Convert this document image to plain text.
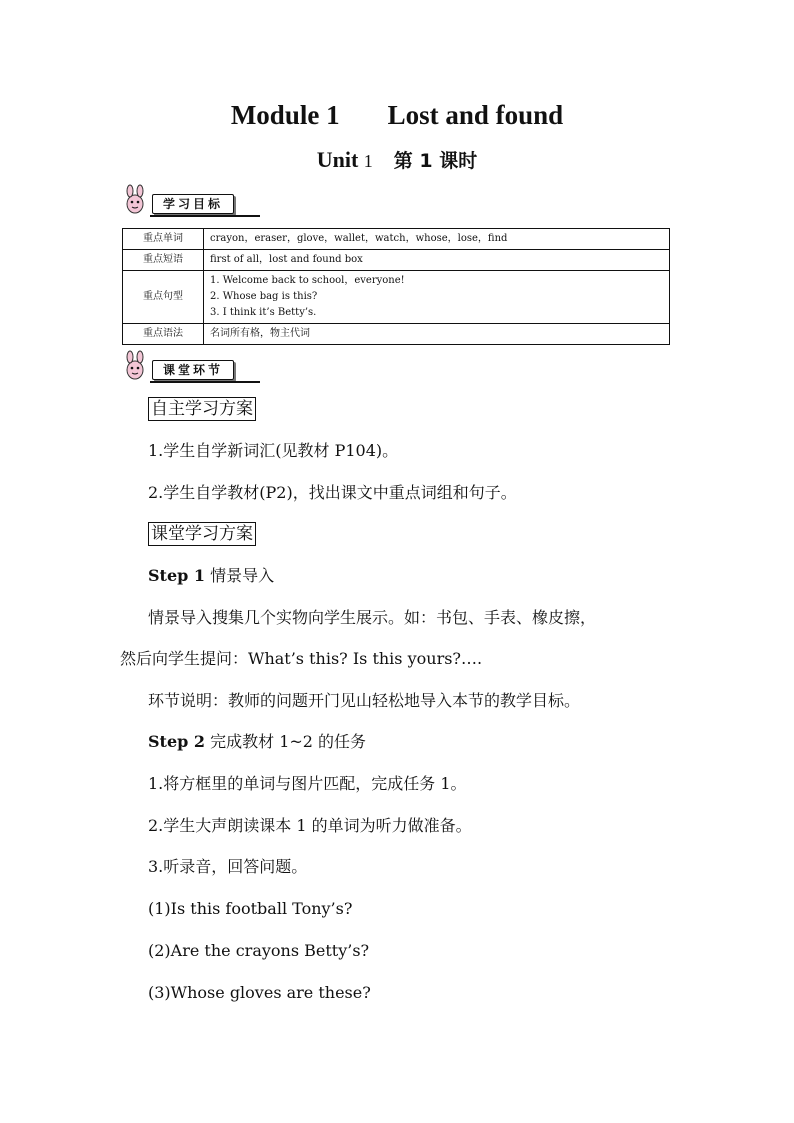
Module 1 Lost and found
Unit 1 第 1 课时
学习目标
重点单词	crayon，eraser，glove，wallet，watch，whose，lose，find
重点短语	first of all，lost and found box
重点句型	1. Welcome back to school，everyone!
2. Whose bag is this?
3. I think it’s Betty’s.

重点语法	名词所有格，物主代词
课堂环节
自主学习方案
1.学生自学新词汇(见教材 P104)。
2.学生自学教材(P2)，找出课文中重点词组和句子。
课堂学习方案
Step 1 情景导入
情景导入搜集几个实物向学生展示。如：书包、手表、橡皮擦，
然后向学生提问：What’s this? Is this yours?….
环节说明：教师的问题开门见山轻松地导入本节的教学目标。
Step 2 完成教材 1~2 的任务
1.将方框里的单词与图片匹配，完成任务 1。
2.学生大声朗读课本 1 的单词为听力做准备。
3.听录音，回答问题。
(1)Is this football Tony’s?
(2)Are the crayons Betty’s?
(3)Whose gloves are these?
